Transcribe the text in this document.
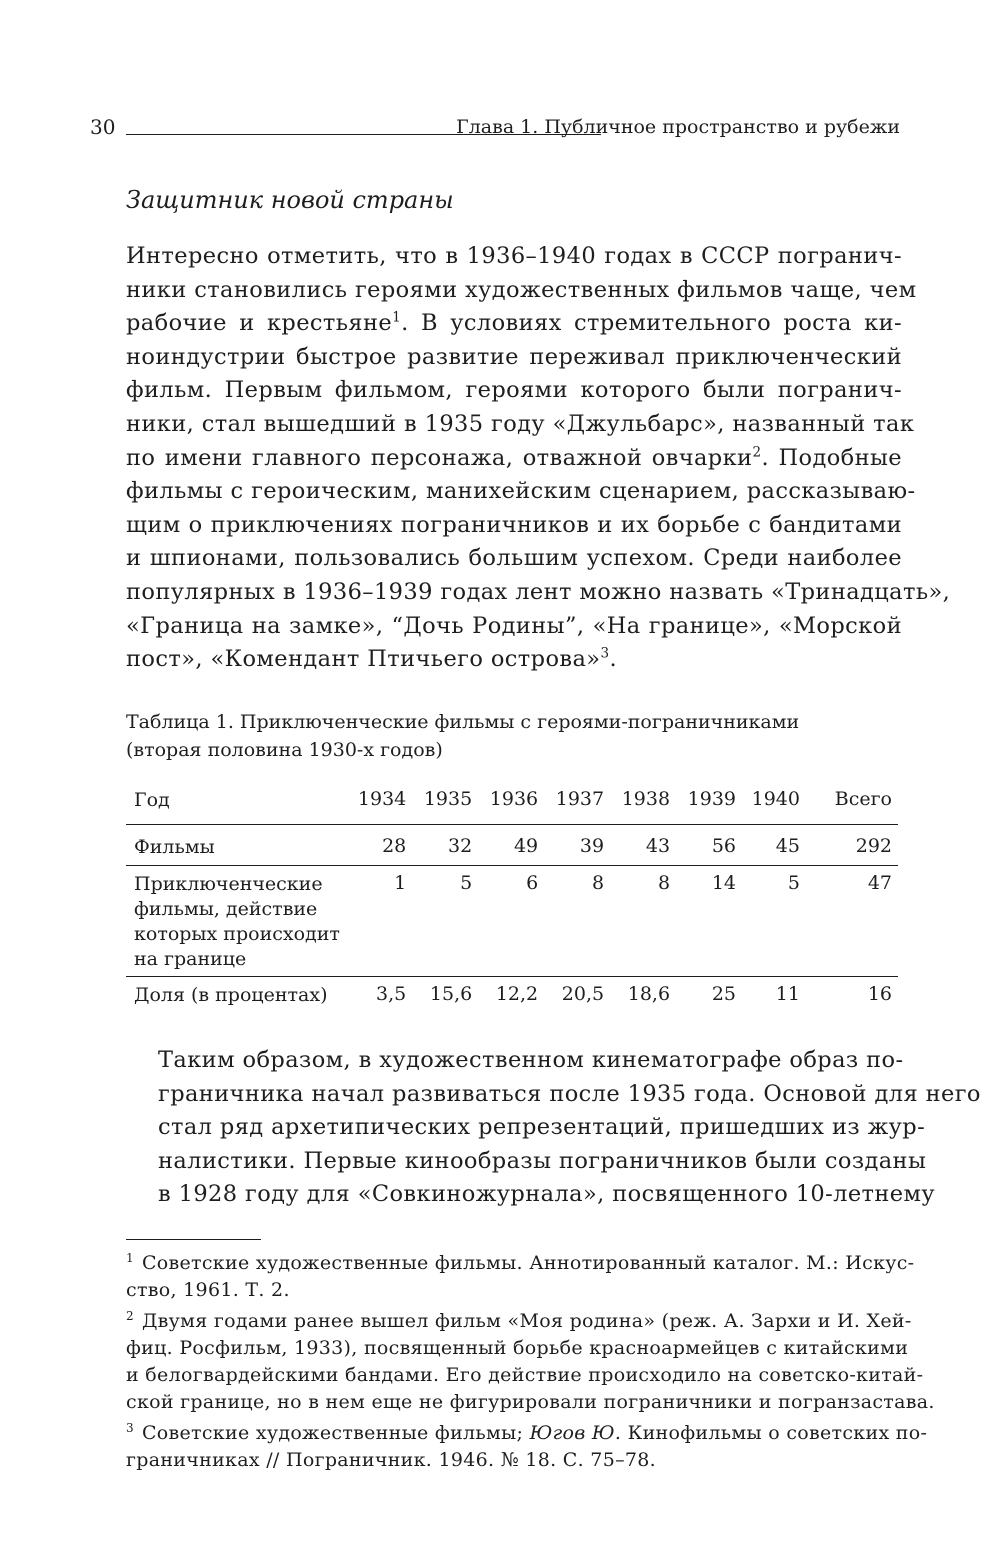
30	Глава 1. Публичное пространство и рубежи
Защитник новой страны
Интересно отметить, что в 1936–1940 годах в СССР погранич-
ники становились героями художественных фильмов чаще, чем
рабочие и крестьяне$^1$. В условиях стремительного роста ки-
ноиндустрии быстрое развитие переживал приключенческий
фильм. Первым фильмом, героями которого были погранич-
ники, стал вышедший в 1935 году «Джульбарс», названный так
по имени главного персонажа, отважной овчарки$^2$. Подобные
фильмы с героическим, манихейским сценарием, рассказываю-
щим о приключениях пограничников и их борьбе с бандитами
и шпионами, пользовались большим успехом. Среди наиболее
популярных в 1936–1939 годах лент можно назвать «Тринадцать»,
«Граница на замке», “Дочь Родины”, «На границе», «Морской
пост», «Комендант Птичьего острова»$^3$.
Таблица 1. Приключенческие фильмы с героями-пограничниками
(вторая половина 1930-х годов)
Год	1934	1935	1936	1937	1938	1939	1940	Всего
Фильмы	28	32	49	39	43	56	45	292

Приключенческие
фильмы, действие
которых происходит
на границе	1	5	6	8	8	14	5	47
Доля (в процентах)	3,5	15,6	12,2	20,5	18,6	25	11	16
Таким образом, в художественном кинематографе образ по-
граничника начал развиваться после 1935 года. Основой для него
стал ряд архетипических репрезентаций, пришедших из жур-
налистики. Первые кинообразы пограничников были созданы
в 1928 году для «Совкиножурнала», посвященного 10-летнему
$^1$ Советские художественные фильмы. Аннотированный каталог. М.: Искус-
ство, 1961. Т. 2.
$^2$ Двумя годами ранее вышел фильм «Моя родина» (реж. А. Зархи и И. Хей-
фиц. Росфильм, 1933), посвященный борьбе красноармейцев с китайскими
и белогвардейскими бандами. Его действие происходило на советско-китай-
ской границе, но в нем еще не фигурировали пограничники и погранзастава.
$^3$ Советские художественные фильмы; Югов Ю. Кинофильмы о советских по-
граничниках // Пограничник. 1946. № 18. С. 75–78.
